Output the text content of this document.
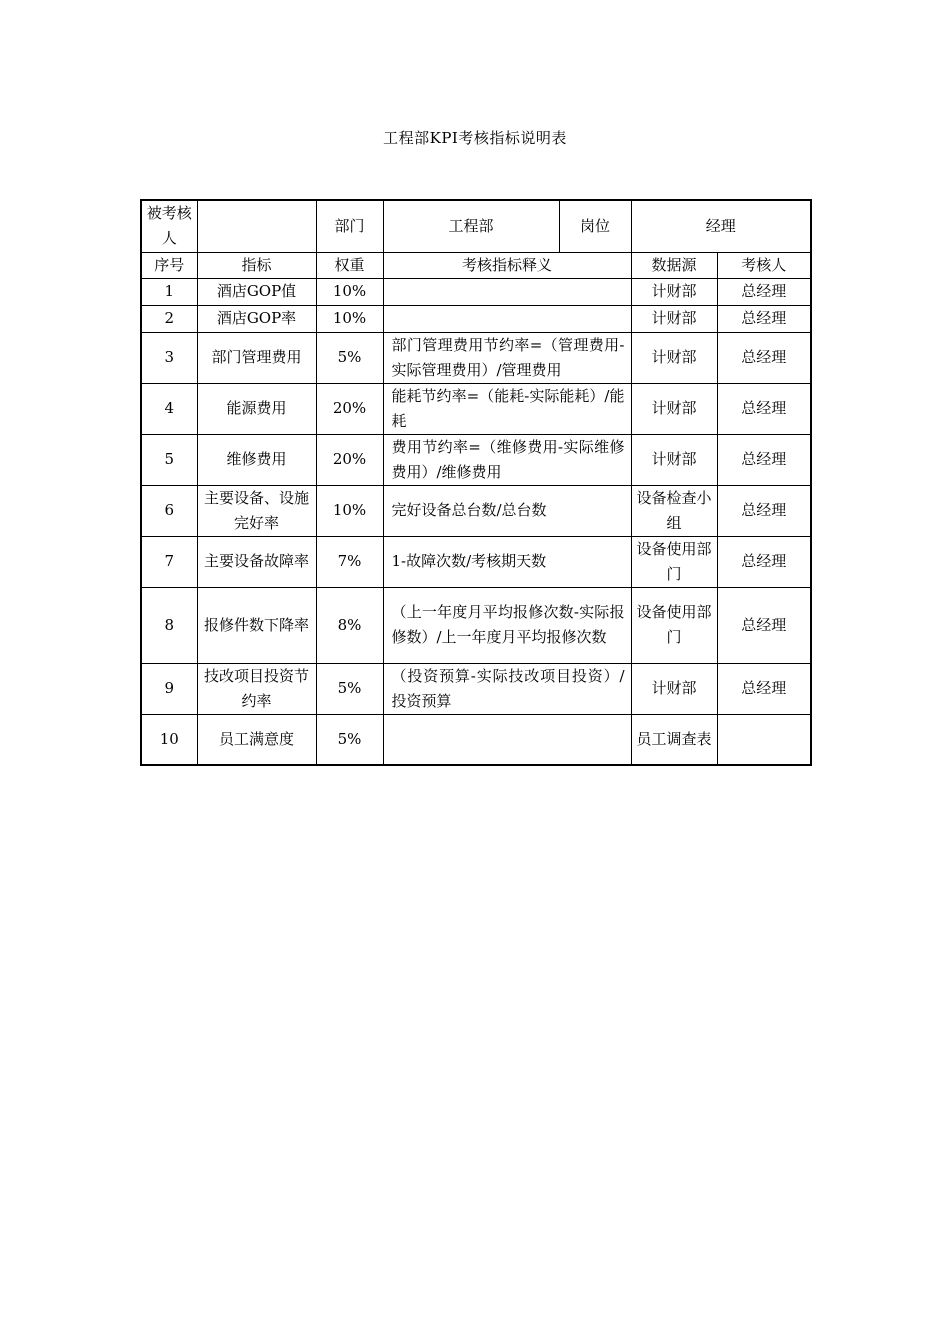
工程部KPI考核指标说明表
被考核人		部门	工程部	岗位	经理	
序号	指标	权重	考核指标释义		数据源	考核人
1	酒店GOP值	10%			计财部	总经理
2	酒店GOP率	10%			计财部	总经理
3	部门管理费用	5%	部门管理费用节约率=（管理费用-实际管理费用）/管理费用		计财部	总经理
4	能源费用	20%	能耗节约率=（能耗-实际能耗）/能耗		计财部	总经理
5	维修费用	20%	费用节约率=（维修费用-实际维修费用）/维修费用		计财部	总经理
6	主要设备、设施完好率	10%	完好设备总台数/总台数		设备检查小组	总经理
7	主要设备故障率	7%	1-故障次数/考核期天数		设备使用部门	总经理
8	报修件数下降率	8%	（上一年度月平均报修次数-实际报修数）/上一年度月平均报修次数		设备使用部门	总经理
9	技改项目投资节约率	5%	（投资预算-实际技改项目投资）/投资预算		计财部	总经理
10	员工满意度	5%			员工调查表	
